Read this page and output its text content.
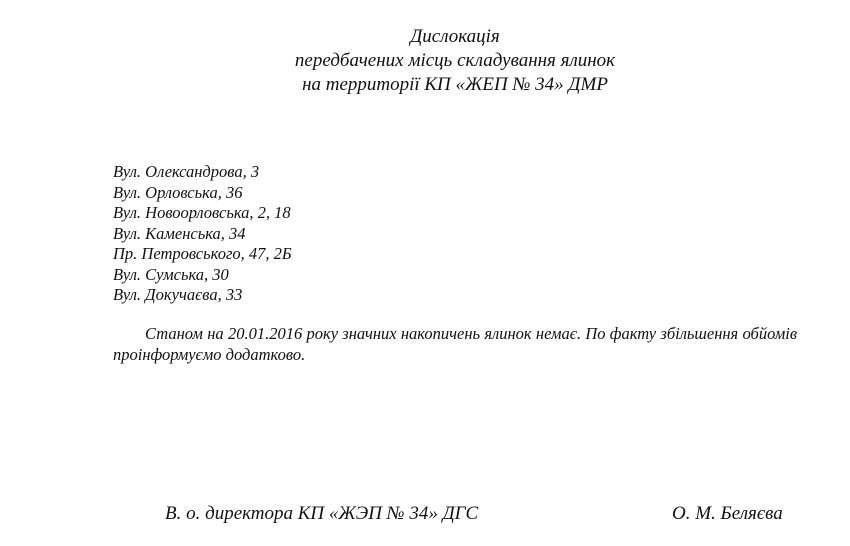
Дислокація
передбачених місць складування ялинок
на территорії КП «ЖЕП № 34» ДМР
Вул. Олександрова, 3
Вул. Орловська, 36
Вул. Новоорловська, 2, 18
Вул. Каменська, 34
Пр. Петровського, 47, 2Б
Вул. Сумська, 30
Вул. Докучаєва, 33

Станом на 20.01.2016 року значних накопичень ялинок немає. По факту збільшення обйомів проінформуємо додатково.

В. о. директора КП «ЖЭП № 34» ДГС	О. М. Беляєва
